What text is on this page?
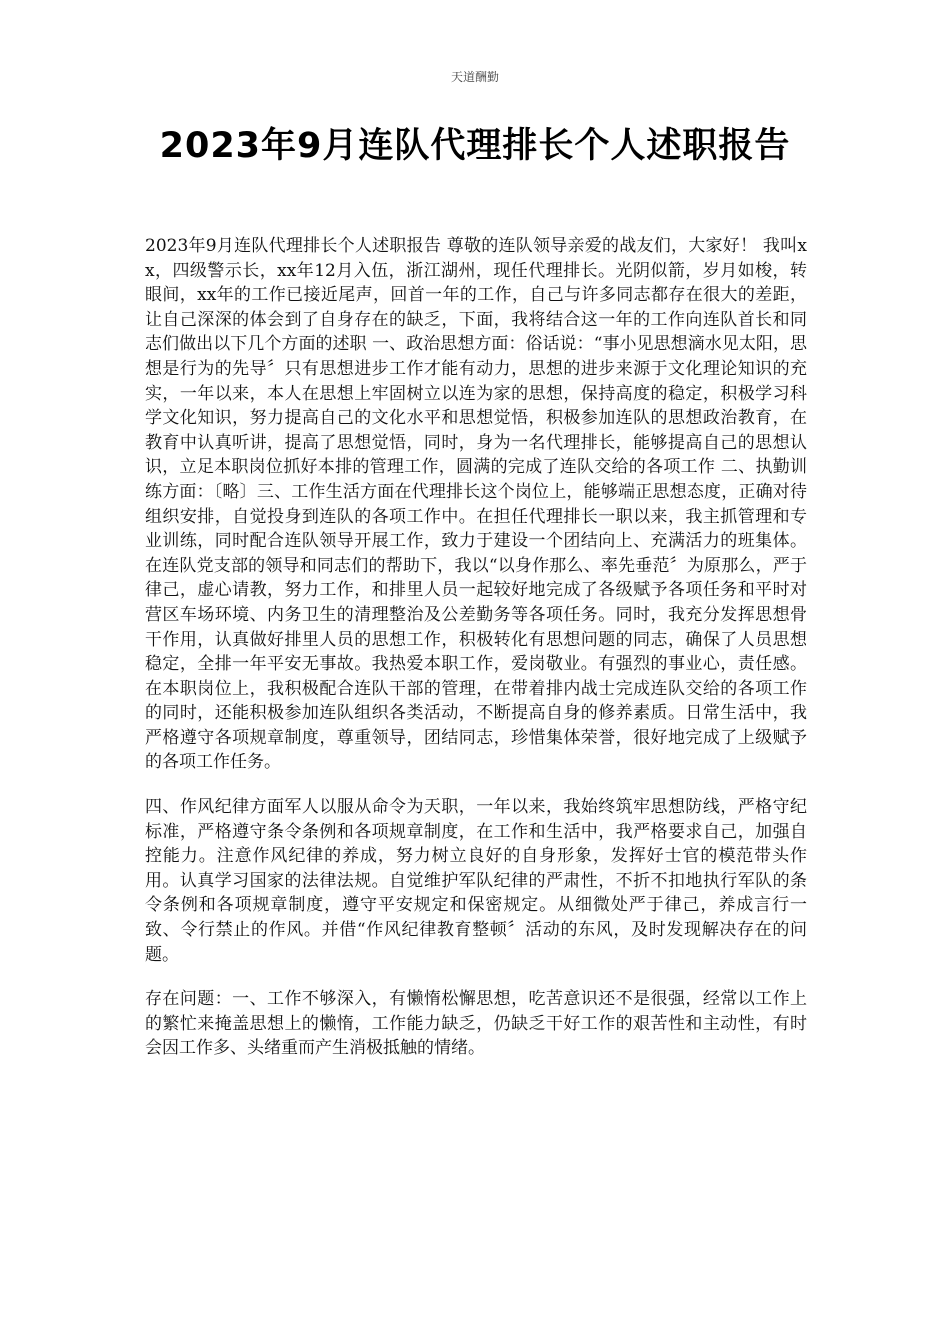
天道酬勤
2023年9月连队代理排长个人述职报告

2023年9月连队代理排长个人述职报告 尊敬的连队领导亲爱的战友们，大家好！ 我叫xx，四级警示长，xx年12月入伍，浙江湖州，现任代理排长。光阴似箭，岁月如梭，转眼间，xx年的工作已接近尾声，回首一年的工作，自己与许多同志都存在很大的差距，让自己深深的体会到了自身存在的缺乏，下面，我将结合这一年的工作向连队首长和同志们做出以下几个方面的述职 一、政治思想方面：俗话说：“事小见思想滴水见太阳，思想是行为的先导〞只有思想进步工作才能有动力，思想的进步来源于文化理论知识的充实，一年以来，本人在思想上牢固树立以连为家的思想，保持高度的稳定，积极学习科学文化知识，努力提高自己的文化水平和思想觉悟，积极参加连队的思想政治教育，在教育中认真听讲，提高了思想觉悟，同时，身为一名代理排长，能够提高自己的思想认识，立足本职岗位抓好本排的管理工作，圆满的完成了连队交给的各项工作 二、执勤训练方面：〔略〕三、工作生活方面在代理排长这个岗位上，能够端正思想态度，正确对待组织安排，自觉投身到连队的各项工作中。在担任代理排长一职以来，我主抓管理和专业训练，同时配合连队领导开展工作，致力于建设一个团结向上、充满活力的班集体。在连队党支部的领导和同志们的帮助下，我以“以身作那么、率先垂范〞为原那么，严于律己，虚心请教，努力工作，和排里人员一起较好地完成了各级赋予各项任务和平时对营区车场环境、内务卫生的清理整治及公差勤务等各项任务。同时，我充分发挥思想骨干作用，认真做好排里人员的思想工作，积极转化有思想问题的同志，确保了人员思想稳定，全排一年平安无事故。我热爱本职工作，爱岗敬业。有强烈的事业心，责任感。在本职岗位上，我积极配合连队干部的管理，在带着排内战士完成连队交给的各项工作的同时，还能积极参加连队组织各类活动，不断提高自身的修养素质。日常生活中，我严格遵守各项规章制度，尊重领导，团结同志，珍惜集体荣誉，很好地完成了上级赋予的各项工作任务。

四、作风纪律方面军人以服从命令为天职，一年以来，我始终筑牢思想防线，严格守纪标准，严格遵守条令条例和各项规章制度，在工作和生活中，我严格要求自己，加强自控能力。注意作风纪律的养成，努力树立良好的自身形象，发挥好士官的模范带头作用。认真学习国家的法律法规。自觉维护军队纪律的严肃性，不折不扣地执行军队的条令条例和各项规章制度，遵守平安规定和保密规定。从细微处严于律己，养成言行一致、令行禁止的作风。并借“作风纪律教育整顿〞活动的东风，及时发现解决存在的问题。

存在问题：一、工作不够深入，有懒惰松懈思想，吃苦意识还不是很强，经常以工作上的繁忙来掩盖思想上的懒惰，工作能力缺乏，仍缺乏干好工作的艰苦性和主动性，有时会因工作多、头绪重而产生消极抵触的情绪。
